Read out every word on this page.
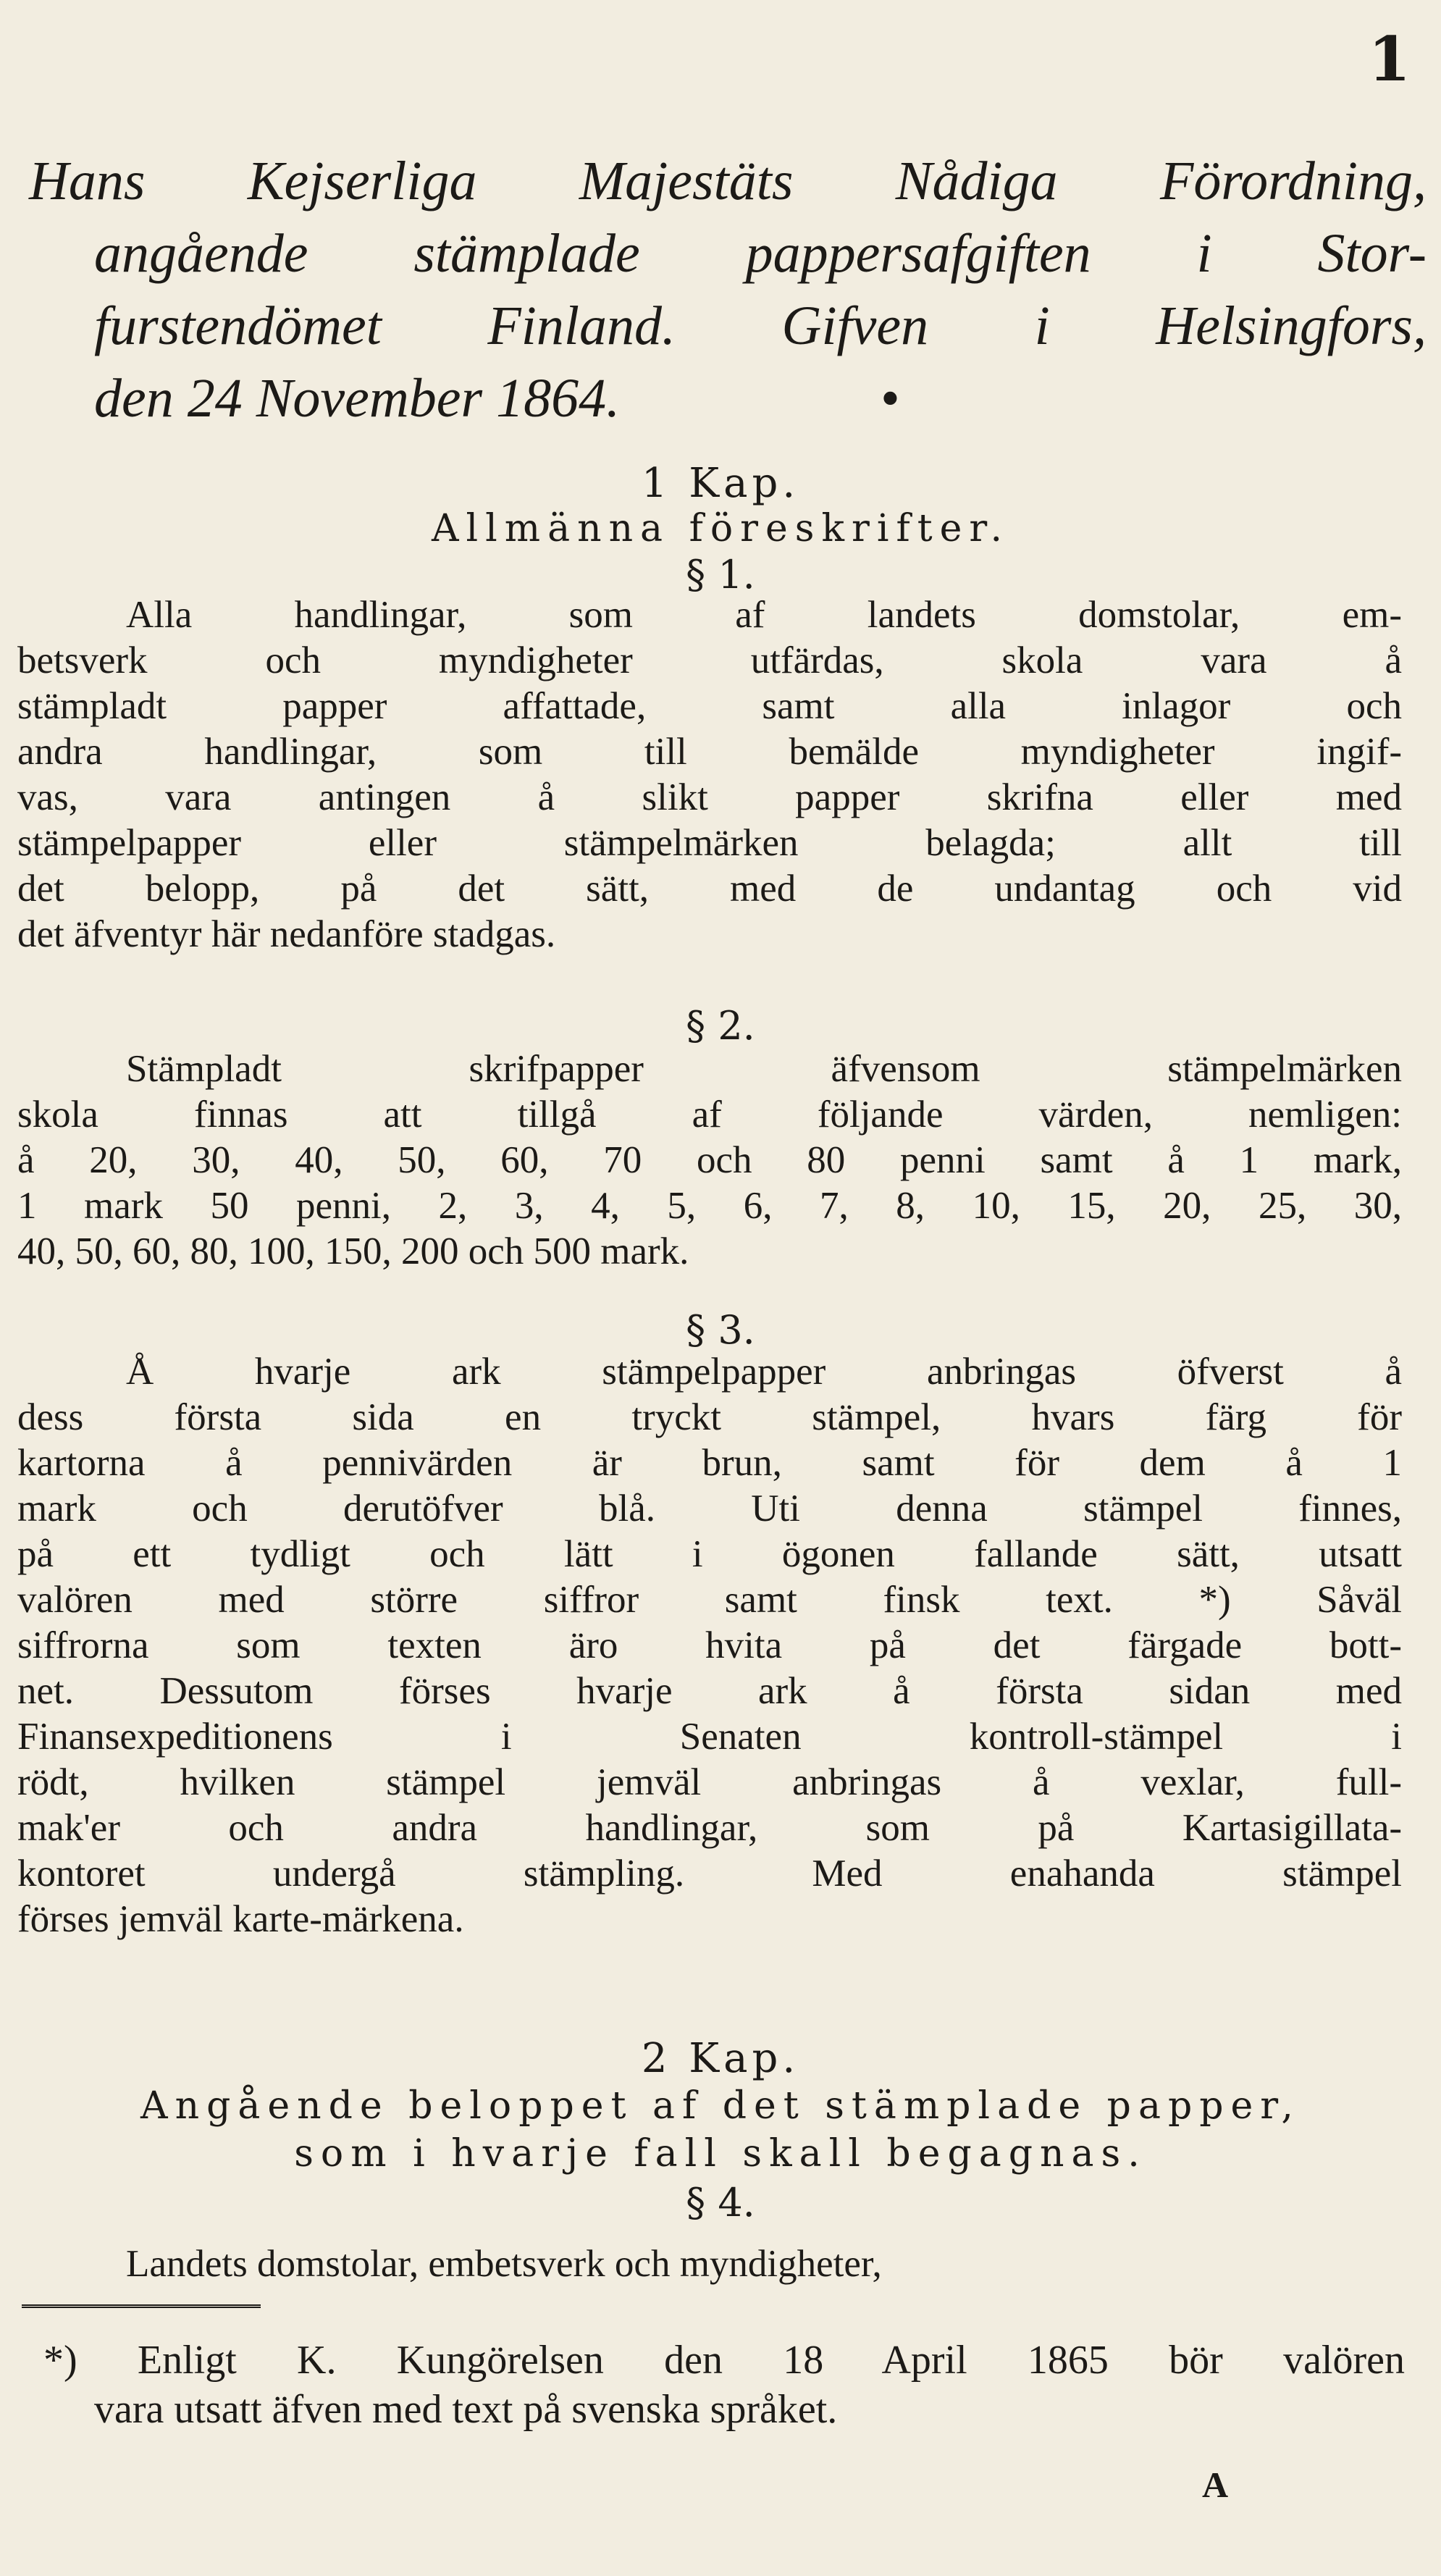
1
Hans Kejserliga Majestäts Nådiga Förordning,
angående stämplade pappersafgiften i Stor-
furstendömet Finland. Gifven i Helsingfors,
den 24 November 1864.	•
1 Kap.
Allmänna föreskrifter.
§ 1.
Alla handlingar, som af landets domstolar, em-
betsverk och myndigheter utfärdas, skola vara å
stämpladt papper affattade, samt alla inlagor och
andra handlingar, som till bemälde myndigheter ingif-
vas, vara antingen å slikt papper skrifna eller med
stämpelpapper eller stämpelmärken belagda; allt till
det belopp, på det sätt, med de undantag och vid
det äfventyr här nedanföre stadgas.
§ 2.
Stämpladt skrifpapper äfvensom stämpelmärken
skola finnas att tillgå af följande värden, nemligen:
å 20, 30, 40, 50, 60, 70 och 80 penni samt å 1 mark,
1 mark 50 penni, 2, 3, 4, 5, 6, 7, 8, 10, 15, 20, 25, 30,
40, 50, 60, 80, 100, 150, 200 och 500 mark.
§ 3.
Å hvarje ark stämpelpapper anbringas öfverst å
dess första sida en tryckt stämpel, hvars färg för
kartorna å pennivärden är brun, samt för dem å 1
mark och derutöfver blå. Uti denna stämpel finnes,
på ett tydligt och lätt i ögonen fallande sätt, utsatt
valören med större siffror samt finsk text. *) Såväl
siffrorna som texten äro hvita på det färgade bott-
net. Dessutom förses hvarje ark å första sidan med
Finansexpeditionens i Senaten kontroll-stämpel i
rödt, hvilken stämpel jemväl anbringas å vexlar, full-
mak'er och andra handlingar, som på Kartasigillata-
kontoret undergå stämpling. Med enahanda stämpel
förses jemväl karte-märkena.
2 Kap.
Angående beloppet af det stämplade papper,
som i hvarje fall skall begagnas.
§ 4.
Landets domstolar, embetsverk och myndigheter,
*) Enligt K. Kungörelsen den 18 April 1865 bör valören
vara utsatt äfven med text på svenska språket.
A
